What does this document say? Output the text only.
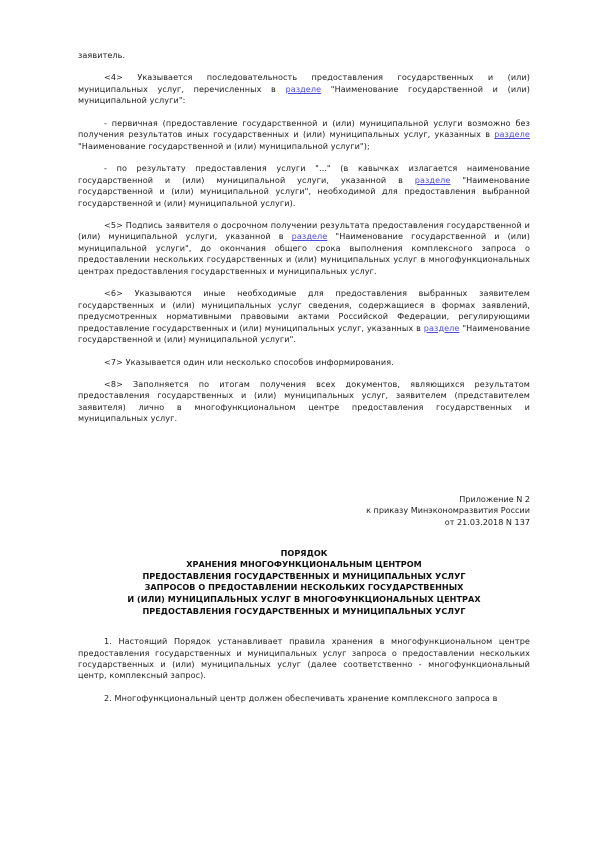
заявитель.

<4> Указывается последовательность предоставления государственных и (или) муниципальных услуг, перечисленных в разделе "Наименование государственной и (или) муниципальной услуги":

- первичная (предоставление государственной и (или) муниципальной услуги возможно без получения результатов иных государственных и (или) муниципальных услуг, указанных в разделе "Наименование государственной и (или) муниципальной услуги");

- по результату предоставления услуги "..." (в кавычках излагается наименование государственной и (или) муниципальной услуги, указанной в разделе "Наименование государственной и (или) муниципальной услуги", необходимой для предоставления выбранной государственной и (или) муниципальной услуги).

<5> Подпись заявителя о досрочном получении результата предоставления государственной и (или) муниципальной услуги, указанной в разделе "Наименование государственной и (или) муниципальной услуги", до окончания общего срока выполнения комплексного запроса о предоставлении нескольких государственных и (или) муниципальных услуг в многофункциональных центрах предоставления государственных и муниципальных услуг.

<6> Указываются иные необходимые для предоставления выбранных заявителем государственных и (или) муниципальных услуг сведения, содержащиеся в формах заявлений, предусмотренных нормативными правовыми актами Российской Федерации, регулирующими предоставление государственных и (или) муниципальных услуг, указанных в разделе "Наименование государственной и (или) муниципальной услуги".

<7> Указывается один или несколько способов информирования.

<8> Заполняется по итогам получения всех документов, являющихся результатом предоставления государственных и (или) муниципальных услуг, заявителем (представителем заявителя) лично в многофункциональном центре предоставления государственных и муниципальных услуг.

Приложение N 2
к приказу Минэкономразвития России
от 21.03.2018 N 137
ПОРЯДОК
ХРАНЕНИЯ МНОГОФУНКЦИОНАЛЬНЫМ ЦЕНТРОМ
ПРЕДОСТАВЛЕНИЯ ГОСУДАРСТВЕННЫХ И МУНИЦИПАЛЬНЫХ УСЛУГ
ЗАПРОСОВ О ПРЕДОСТАВЛЕНИИ НЕСКОЛЬКИХ ГОСУДАРСТВЕННЫХ
И (ИЛИ) МУНИЦИПАЛЬНЫХ УСЛУГ В МНОГОФУНКЦИОНАЛЬНЫХ ЦЕНТРАХ
ПРЕДОСТАВЛЕНИЯ ГОСУДАРСТВЕННЫХ И МУНИЦИПАЛЬНЫХ УСЛУГ

1. Настоящий Порядок устанавливает правила хранения в многофункциональном центре предоставления государственных и муниципальных услуг запроса о предоставлении нескольких государственных и (или) муниципальных услуг (далее соответственно - многофункциональный центр, комплексный запрос).

2. Многофункциональный центр должен обеспечивать хранение комплексного запроса в
